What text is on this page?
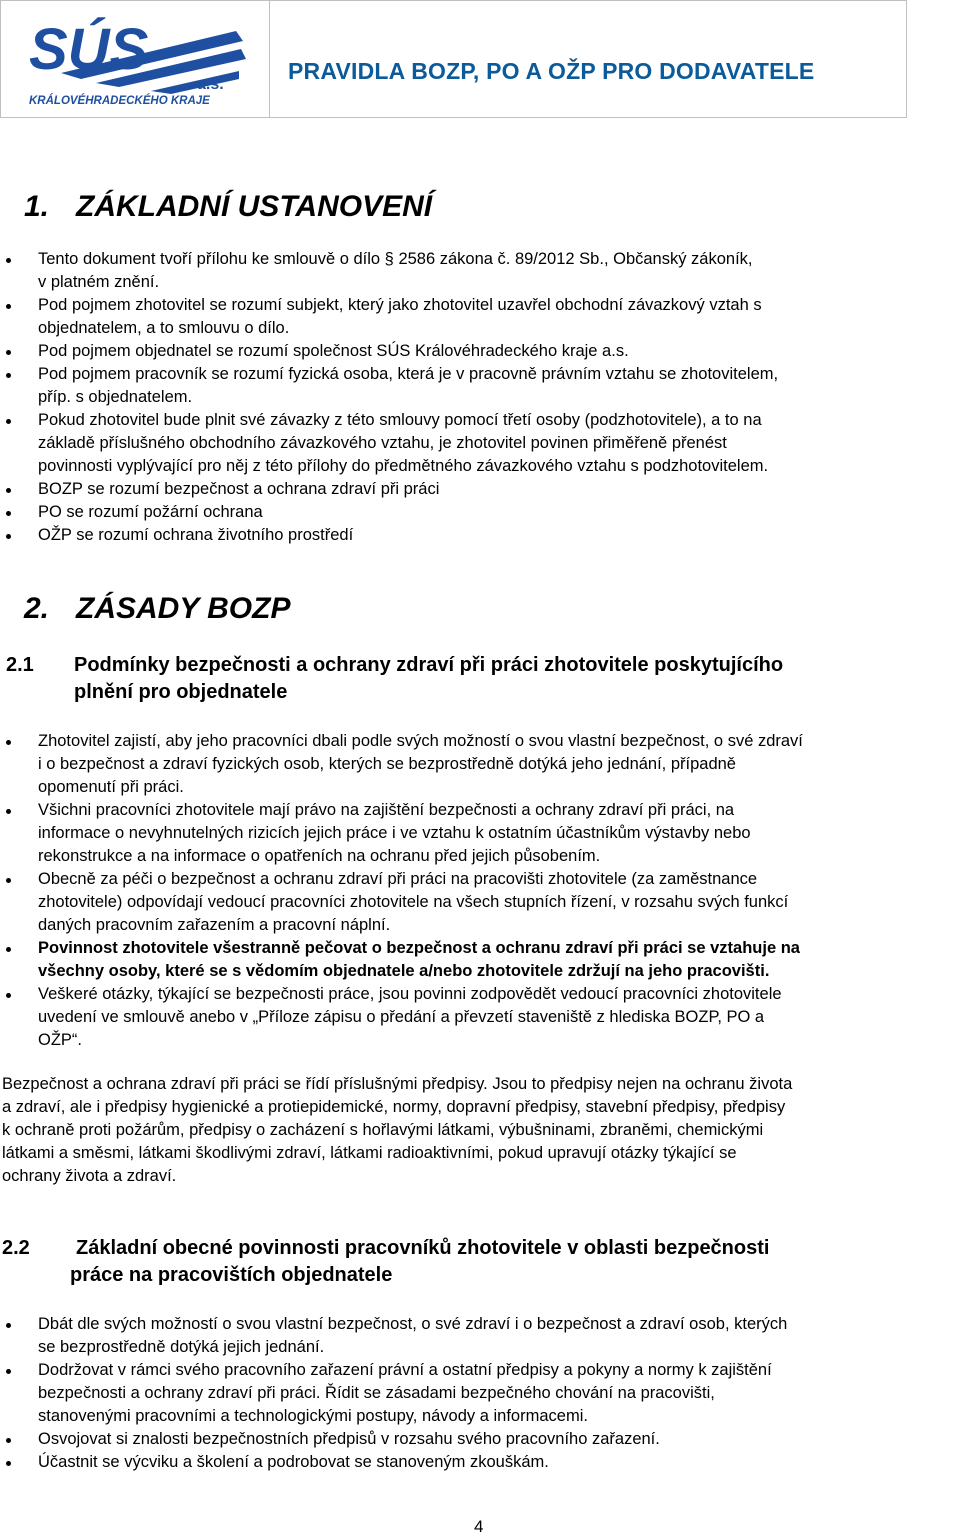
SÚS
a.s.
KRÁLOVÉHRADECKÉHO KRAJE
PRAVIDLA BOZP, PO A OŽP PRO DODAVATELE
1. ZÁKLADNÍ USTANOVENÍ
Tento dokument tvoří přílohu ke smlouvě o dílo § 2586 zákona č. 89/2012 Sb., Občanský zákoník,
v platném znění.
Pod pojmem zhotovitel se rozumí subjekt, který jako zhotovitel uzavřel obchodní závazkový vztah s
objednatelem, a to smlouvu o dílo.
Pod pojmem objednatel se rozumí společnost SÚS Královéhradeckého kraje a.s.
Pod pojmem pracovník se rozumí fyzická osoba, která je v pracovně právním vztahu se zhotovitelem,
příp. s objednatelem.
Pokud zhotovitel bude plnit své závazky z této smlouvy pomocí třetí osoby (podzhotovitele), a to na
základě příslušného obchodního závazkového vztahu, je zhotovitel povinen přiměřeně přenést
povinnosti vyplývající pro něj z této přílohy do předmětného závazkového vztahu s podzhotovitelem.
BOZP se rozumí bezpečnost a ochrana zdraví při práci
PO se rozumí požární ochrana
OŽP se rozumí ochrana životního prostředí
2. ZÁSADY BOZP
2.1 Podmínky bezpečnosti a ochrany zdraví při práci zhotovitele poskytujícího
plnění pro objednatele
Zhotovitel zajistí, aby jeho pracovníci dbali podle svých možností o svou vlastní bezpečnost, o své zdraví
i o bezpečnost a zdraví fyzických osob, kterých se bezprostředně dotýká jeho jednání, případně
opomenutí při práci.
Všichni pracovníci zhotovitele mají právo na zajištění bezpečnosti a ochrany zdraví při práci, na
informace o nevyhnutelných rizicích jejich práce i ve vztahu k ostatním účastníkům výstavby nebo
rekonstrukce a na informace o opatřeních na ochranu před jejich působením.
Obecně za péči o bezpečnost a ochranu zdraví při práci na pracovišti zhotovitele (za zaměstnance
zhotovitele) odpovídají vedoucí pracovníci zhotovitele na všech stupních řízení, v rozsahu svých funkcí
daných pracovním zařazením a pracovní náplní.
Povinnost zhotovitele všestranně pečovat o bezpečnost a ochranu zdraví při práci se vztahuje na
všechny osoby, které se s vědomím objednatele a/nebo zhotovitele zdržují na jeho pracovišti.
Veškeré otázky, týkající se bezpečnosti práce, jsou povinni zodpovědět vedoucí pracovníci zhotovitele
uvedení ve smlouvě anebo v „Příloze zápisu o předání a převzetí staveniště z hlediska BOZP, PO a
OŽP“.
Bezpečnost a ochrana zdraví při práci se řídí příslušnými předpisy. Jsou to předpisy nejen na ochranu života
a zdraví, ale i předpisy hygienické a protiepidemické, normy, dopravní předpisy, stavební předpisy, předpisy
k ochraně proti požárům, předpisy o zacházení s hořlavými látkami, výbušninami, zbraněmi, chemickými
látkami a směsmi, látkami škodlivými zdraví, látkami radioaktivními, pokud upravují otázky týkající se
ochrany života a zdraví.
2.2 Základní obecné povinnosti pracovníků zhotovitele v oblasti bezpečnosti
práce na pracovištích objednatele
Dbát dle svých možností o svou vlastní bezpečnost, o své zdraví i o bezpečnost a zdraví osob, kterých
se bezprostředně dotýká jejich jednání.
Dodržovat v rámci svého pracovního zařazení právní a ostatní předpisy a pokyny a normy k zajištění
bezpečnosti a ochrany zdraví při práci. Řídit se zásadami bezpečného chování na pracovišti,
stanovenými pracovními a technologickými postupy, návody a informacemi.
Osvojovat si znalosti bezpečnostních předpisů v rozsahu svého pracovního zařazení.
Účastnit se výcviku a školení a podrobovat se stanoveným zkouškám.
4
